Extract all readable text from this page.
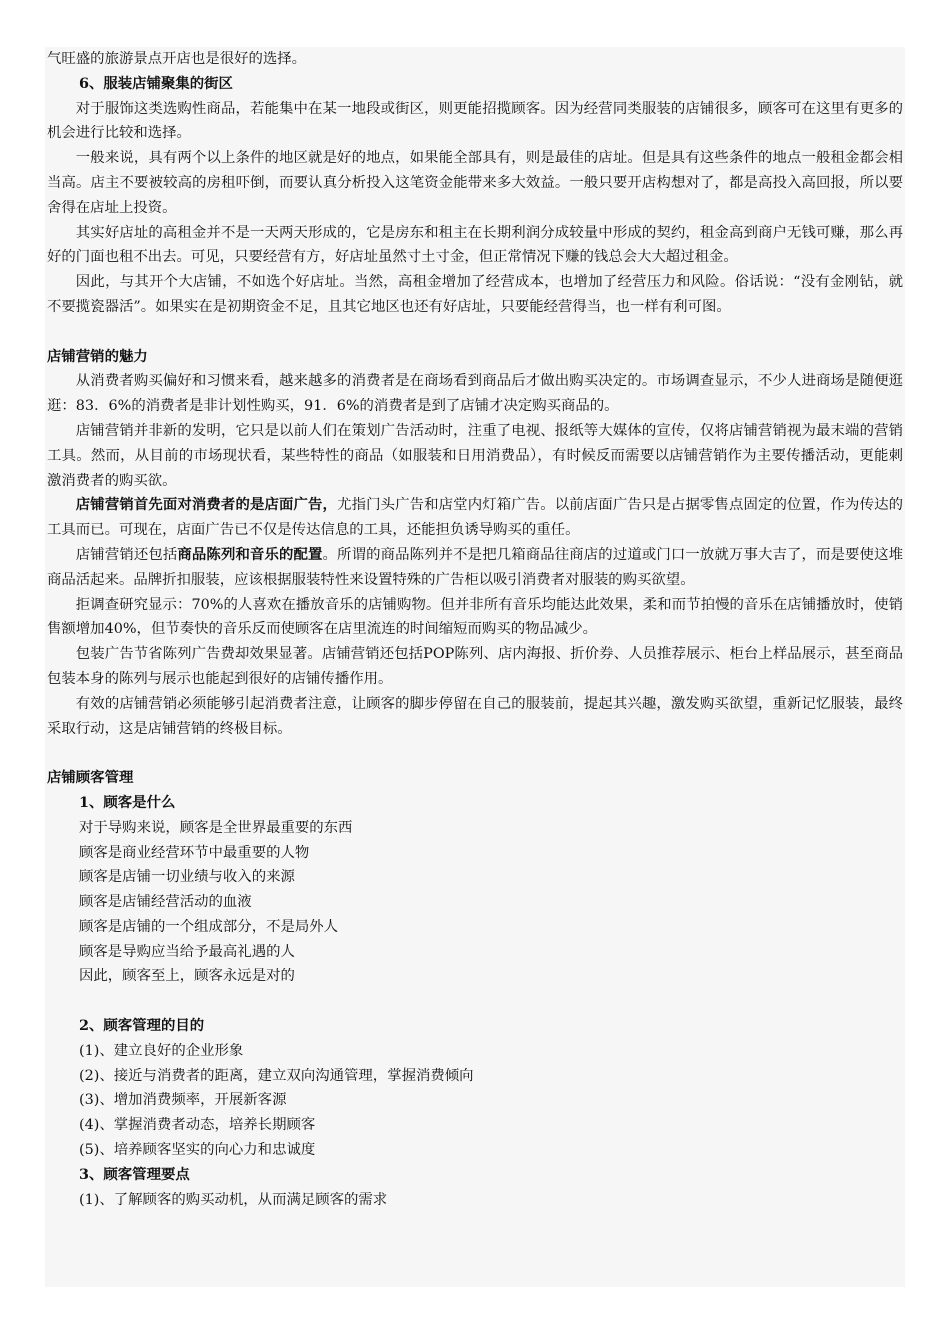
气旺盛的旅游景点开店也是很好的选择。

6、服装店铺聚集的街区

对于服饰这类选购性商品，若能集中在某一地段或街区，则更能招揽顾客。因为经营同类服装的店铺很多，顾客可在这里有更多的机会进行比较和选择。

一般来说，具有两个以上条件的地区就是好的地点，如果能全部具有，则是最佳的店址。但是具有这些条件的地点一般租金都会相当高。店主不要被较高的房租吓倒，而要认真分析投入这笔资金能带来多大效益。一般只要开店构想对了，都是高投入高回报，所以要舍得在店址上投资。

其实好店址的高租金并不是一天两天形成的，它是房东和租主在长期利润分成较量中形成的契约，租金高到商户无钱可赚，那么再好的门面也租不出去。可见，只要经营有方，好店址虽然寸土寸金，但正常情况下赚的钱总会大大超过租金。

因此，与其开个大店铺，不如选个好店址。当然，高租金增加了经营成本，也增加了经营压力和风险。俗话说：“没有金刚钻，就不要揽瓷器活”。如果实在是初期资金不足，且其它地区也还有好店址，只要能经营得当，也一样有利可图。

店铺营销的魅力

从消费者购买偏好和习惯来看，越来越多的消费者是在商场看到商品后才做出购买决定的。市场调查显示，不少人进商场是随便逛逛：83．6%的消费者是非计划性购买，91．6%的消费者是到了店铺才决定购买商品的。

店铺营销并非新的发明，它只是以前人们在策划广告活动时，注重了电视、报纸等大媒体的宣传，仅将店铺营销视为最末端的营销工具。然而，从目前的市场现状看，某些特性的商品（如服装和日用消费品），有时候反而需要以店铺营销作为主要传播活动，更能刺激消费者的购买欲。

店铺营销首先面对消费者的是店面广告，尤指门头广告和店堂内灯箱广告。以前店面广告只是占据零售点固定的位置，作为传达的工具而已。可现在，店面广告已不仅是传达信息的工具，还能担负诱导购买的重任。

店铺营销还包括商品陈列和音乐的配置。所谓的商品陈列并不是把几箱商品往商店的过道或门口一放就万事大吉了，而是要使这堆商品活起来。品牌折扣服装，应该根据服装特性来设置特殊的广告柜以吸引消费者对服装的购买欲望。

拒调查研究显示：70%的人喜欢在播放音乐的店铺购物。但并非所有音乐均能达此效果，柔和而节拍慢的音乐在店铺播放时，使销售额增加40%，但节奏快的音乐反而使顾客在店里流连的时间缩短而购买的物品减少。

包装广告节省陈列广告费却效果显著。店铺营销还包括POP陈列、店内海报、折价券、人员推荐展示、柜台上样品展示，甚至商品包装本身的陈列与展示也能起到很好的店铺传播作用。

有效的店铺营销必须能够引起消费者注意，让顾客的脚步停留在自己的服装前，提起其兴趣，激发购买欲望，重新记忆服装，最终采取行动，这是店铺营销的终极目标。

店铺顾客管理

1、顾客是什么

对于导购来说，顾客是全世界最重要的东西

顾客是商业经营环节中最重要的人物

顾客是店铺一切业绩与收入的来源

顾客是店铺经营活动的血液

顾客是店铺的一个组成部分，不是局外人

顾客是导购应当给予最高礼遇的人

因此，顾客至上，顾客永远是对的

2、顾客管理的目的

(1)、建立良好的企业形象

(2)、接近与消费者的距离，建立双向沟通管理，掌握消费倾向

(3)、增加消费频率，开展新客源

(4)、掌握消费者动态，培养长期顾客

(5)、培养顾客坚实的向心力和忠诚度

3、顾客管理要点

(1)、了解顾客的购买动机，从而满足顾客的需求
